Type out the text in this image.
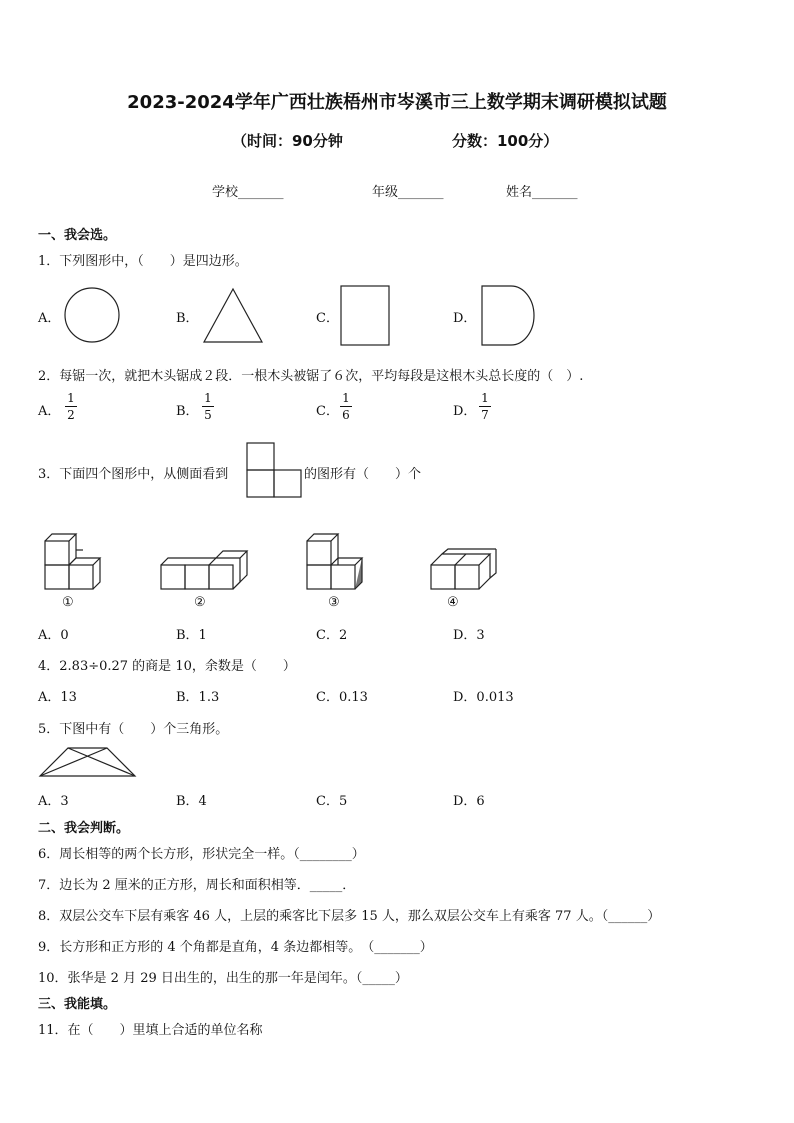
2023-2024学年广西壮族梧州市岑溪市三上数学期末调研模拟试题
（时间：90分钟	分数：100分）
学校_______	年级_______	姓名_______
一、我会选。
1．下列图形中，（　　）是四边形。
A．	B．	C．	D．
2．每锯一次，就把木头锯成２段．一根木头被锯了６次，平均每段是这根木头总长度的（　）.
A．
1
2	B．
1
5	C．
1
6	D．
1
7
3．下面四个图形中，从侧面看到	的图形有（　　）个
①	②	③	④
A．0	B．1	C．2	D．3
4．2.83÷0.27 的商是 10，余数是（　　）
A．13	B．1.3	C．0.13	D．0.013
5．下图中有（　　）个三角形。
A．3	B．4	C．5	D．6
二、我会判断。
6．周长相等的两个长方形，形状完全一样。（________）
7．边长为 2 厘米的正方形，周长和面积相等．_____．
8．双层公交车下层有乘客 46 人，上层的乘客比下层多 15 人，那么双层公交车上有乘客 77 人。（______）
9．长方形和正方形的 4 个角都是直角，4 条边都相等。　（_______）
10．张华是 2 月 29 日出生的，出生的那一年是闰年。（_____）
三、我能填。
11．在（　　）里填上合适的单位名称
